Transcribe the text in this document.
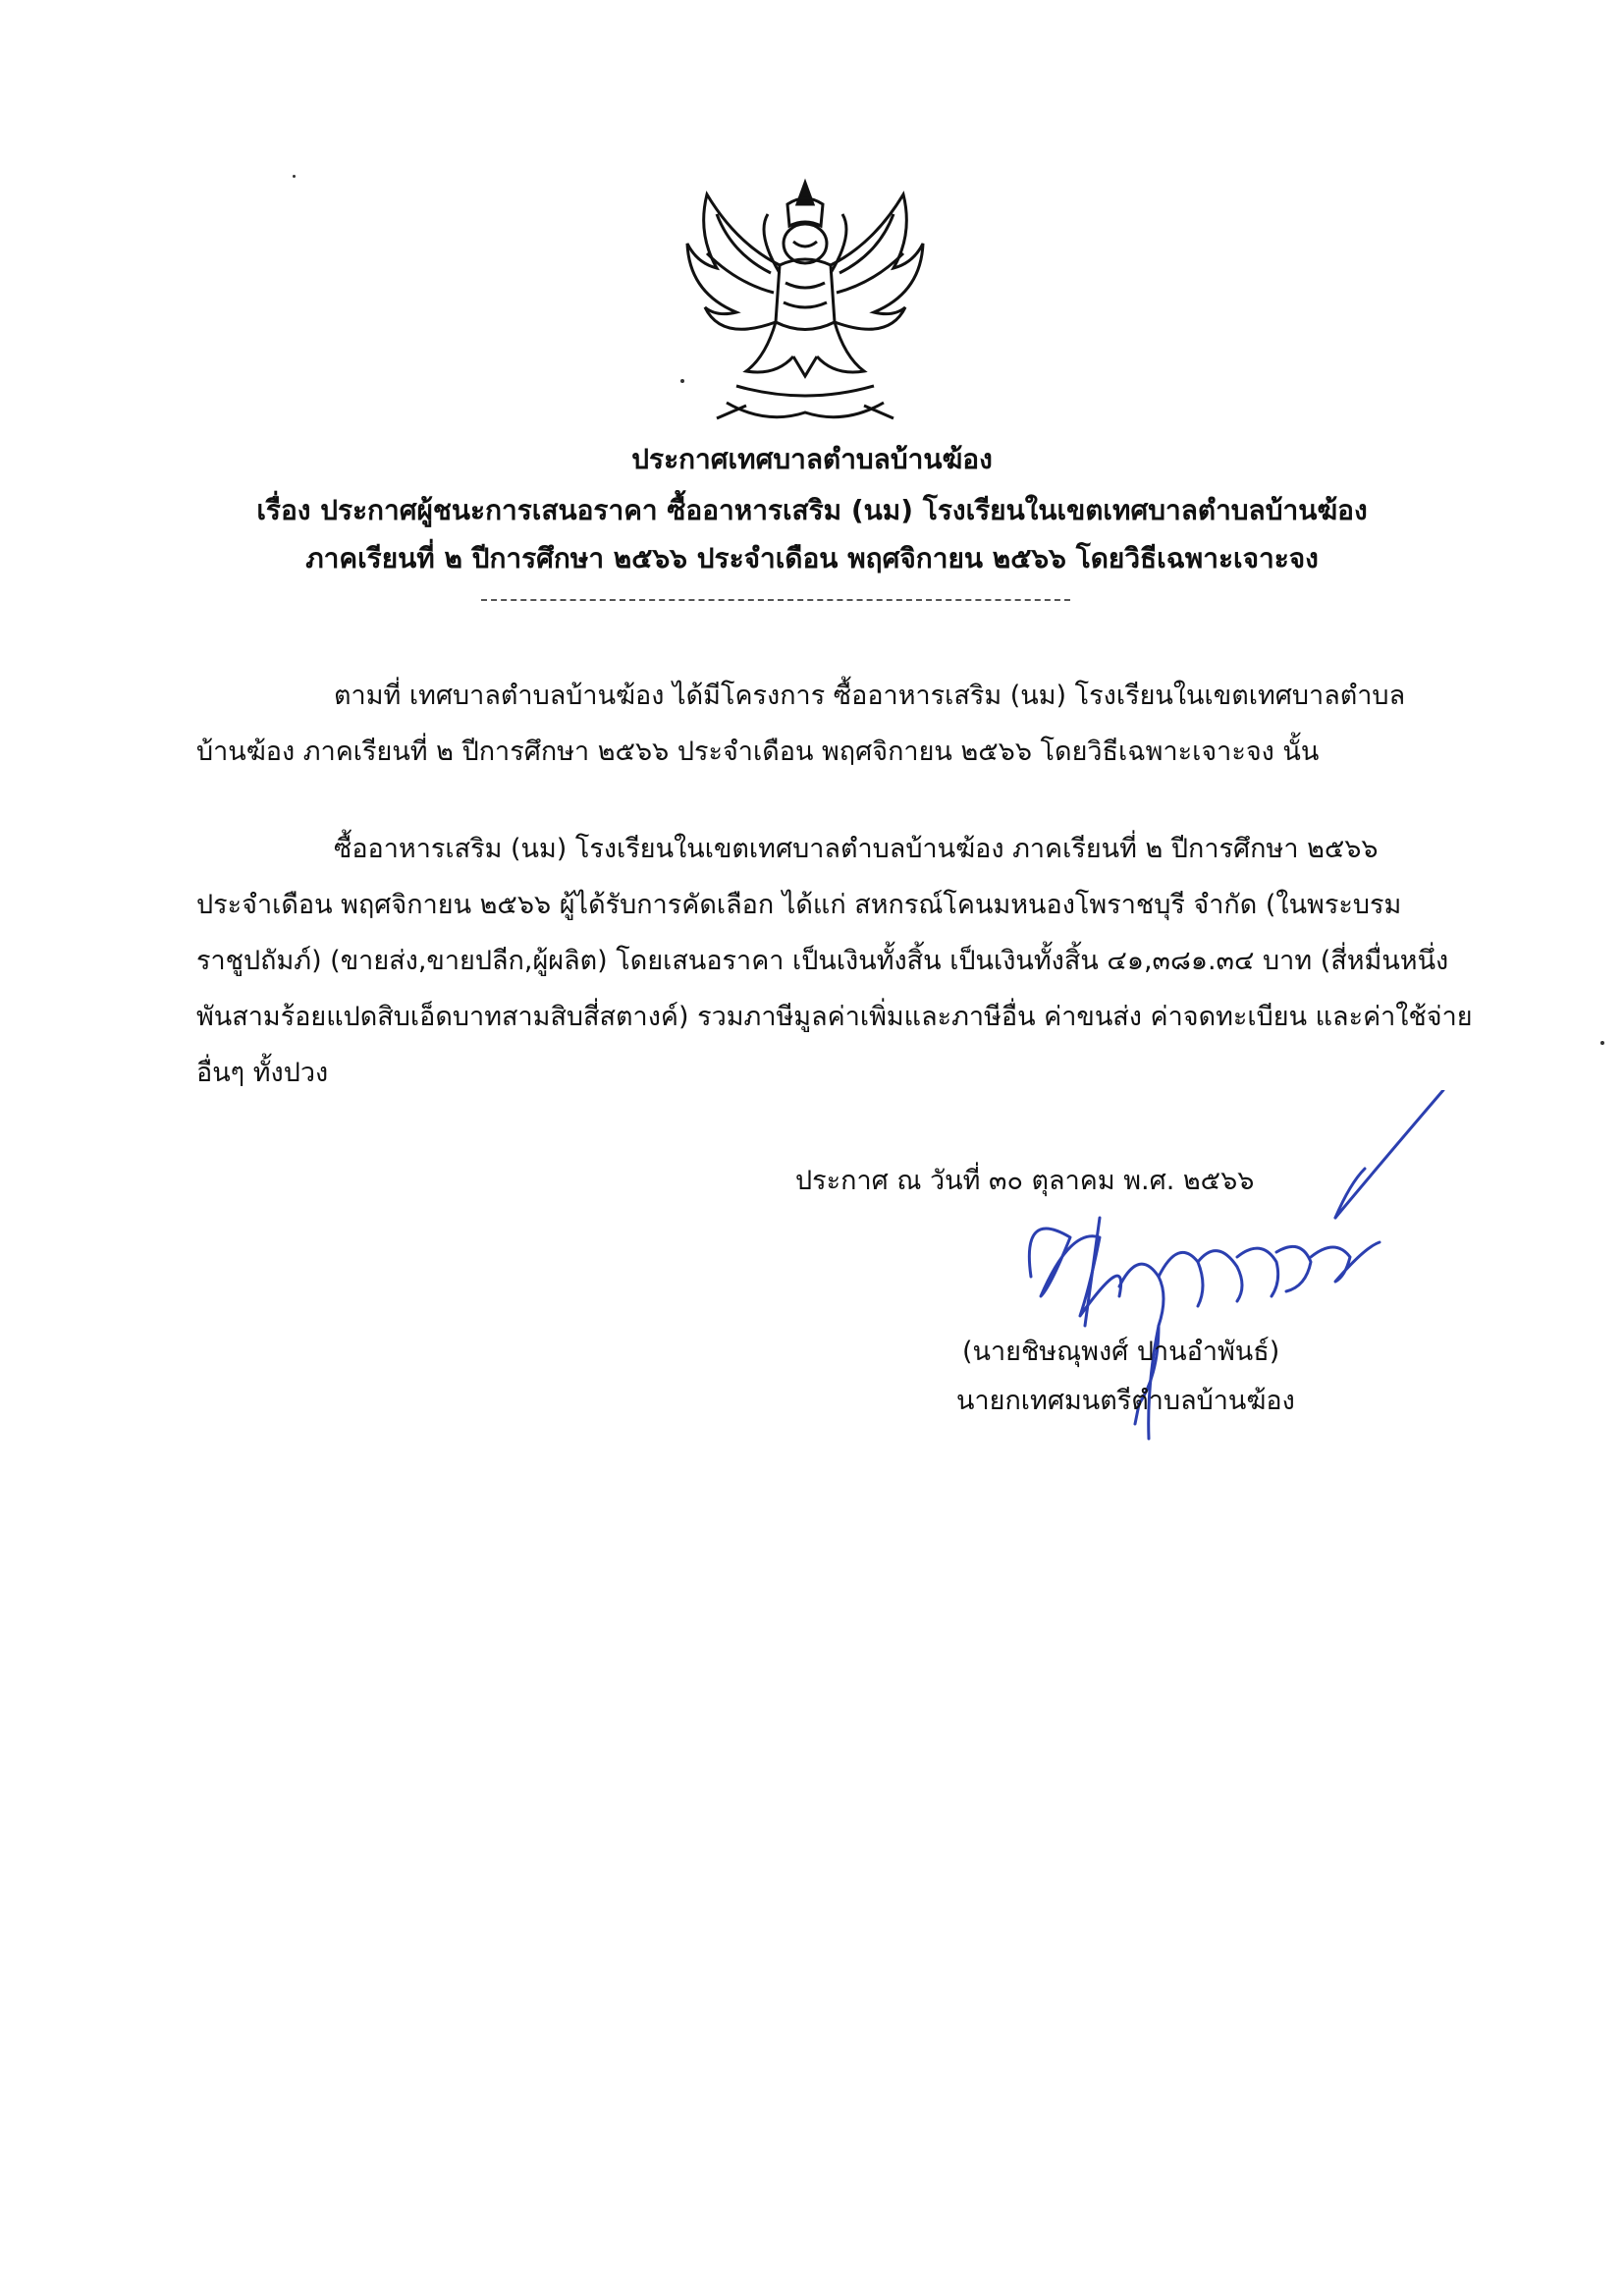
ประกาศเทศบาลตำบลบ้านฆ้อง
เรื่อง ประกาศผู้ชนะการเสนอราคา ซื้ออาหารเสริม (นม) โรงเรียนในเขตเทศบาลตำบลบ้านฆ้อง
ภาคเรียนที่ ๒ ปีการศึกษา ๒๕๖๖ ประจำเดือน พฤศจิกายน ๒๕๖๖ โดยวิธีเฉพาะเจาะจง

ตามที่ เทศบาลตำบลบ้านฆ้อง ได้มีโครงการ ซื้ออาหารเสริม (นม) โรงเรียนในเขตเทศบาลตำบล

บ้านฆ้อง ภาคเรียนที่ ๒ ปีการศึกษา ๒๕๖๖ ประจำเดือน พฤศจิกายน ๒๕๖๖ โดยวิธีเฉพาะเจาะจง นั้น

ซื้ออาหารเสริม (นม) โรงเรียนในเขตเทศบาลตำบลบ้านฆ้อง ภาคเรียนที่ ๒ ปีการศึกษา ๒๕๖๖

ประจำเดือน พฤศจิกายน ๒๕๖๖ ผู้ได้รับการคัดเลือก ได้แก่ สหกรณ์โคนมหนองโพราชบุรี จำกัด (ในพระบรม

ราชูปถัมภ์) (ขายส่ง,ขายปลีก,ผู้ผลิต) โดยเสนอราคา เป็นเงินทั้งสิ้น เป็นเงินทั้งสิ้น ๔๑,๓๘๑.๓๔ บาท (สี่หมื่นหนึ่ง

พันสามร้อยแปดสิบเอ็ดบาทสามสิบสี่สตางค์) รวมภาษีมูลค่าเพิ่มและภาษีอื่น ค่าขนส่ง ค่าจดทะเบียน และค่าใช้จ่าย

อื่นๆ ทั้งปวง

ประกาศ ณ วันที่ ๓๐ ตุลาคม พ.ศ. ๒๕๖๖
(นายชิษณุพงศ์ ปานอำพันธ์)
นายกเทศมนตรีตำบลบ้านฆ้อง
